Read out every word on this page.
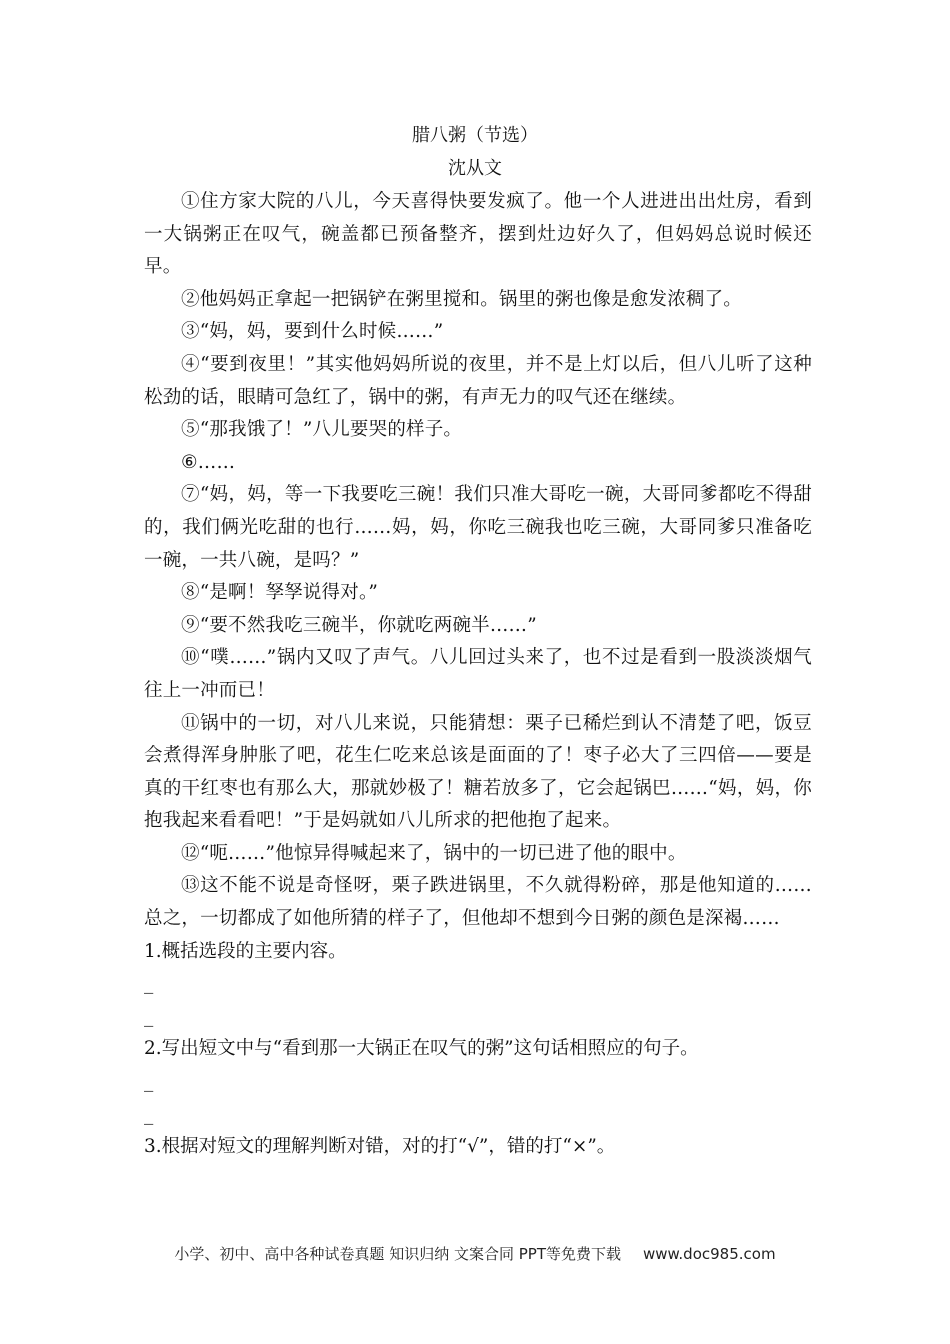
腊八粥（节选）
沈从文

①住方家大院的八儿，今天喜得快要发疯了。他一个人进进出出灶房，看到一大锅粥正在叹气，碗盖都已预备整齐，摆到灶边好久了，但妈妈总说时候还早。

②他妈妈正拿起一把锅铲在粥里搅和。锅里的粥也像是愈发浓稠了。

③“妈，妈，要到什么时候……”

④“要到夜里！”其实他妈妈所说的夜里，并不是上灯以后，但八儿听了这种松劲的话，眼睛可急红了，锅中的粥，有声无力的叹气还在继续。

⑤“那我饿了！”八儿要哭的样子。

⑥……

⑦“妈，妈，等一下我要吃三碗！我们只准大哥吃一碗，大哥同爹都吃不得甜的，我们俩光吃甜的也行……妈，妈，你吃三碗我也吃三碗，大哥同爹只准备吃一碗，一共八碗，是吗？”

⑧“是啊！孥孥说得对。”

⑨“要不然我吃三碗半，你就吃两碗半……”

⑩“噗……”锅内又叹了声气。八儿回过头来了，也不过是看到一股淡淡烟气往上一冲而已！

⑪锅中的一切，对八儿来说，只能猜想：栗子已稀烂到认不清楚了吧，饭豆会煮得浑身肿胀了吧，花生仁吃来总该是面面的了！枣子必大了三四倍——要是真的干红枣也有那么大，那就妙极了！糖若放多了，它会起锅巴……“妈，妈，你抱我起来看看吧！”于是妈就如八儿所求的把他抱了起来。

⑫“呃……”他惊异得喊起来了，锅中的一切已进了他的眼中。

⑬这不能不说是奇怪呀，栗子跌进锅里，不久就得粉碎，那是他知道的……总之，一切都成了如他所猜的样子了，但他却不想到今日粥的颜色是深褐……

1.概括选段的主要内容。

_

_

2.写出短文中与“看到那一大锅正在叹气的粥”这句话相照应的句子。

_

_

3.根据对短文的理解判断对错，对的打“√”，错的打“×”。

小学、初中、高中各种试卷真题 知识归纳 文案合同 PPT等免费下载 www.doc985.com
